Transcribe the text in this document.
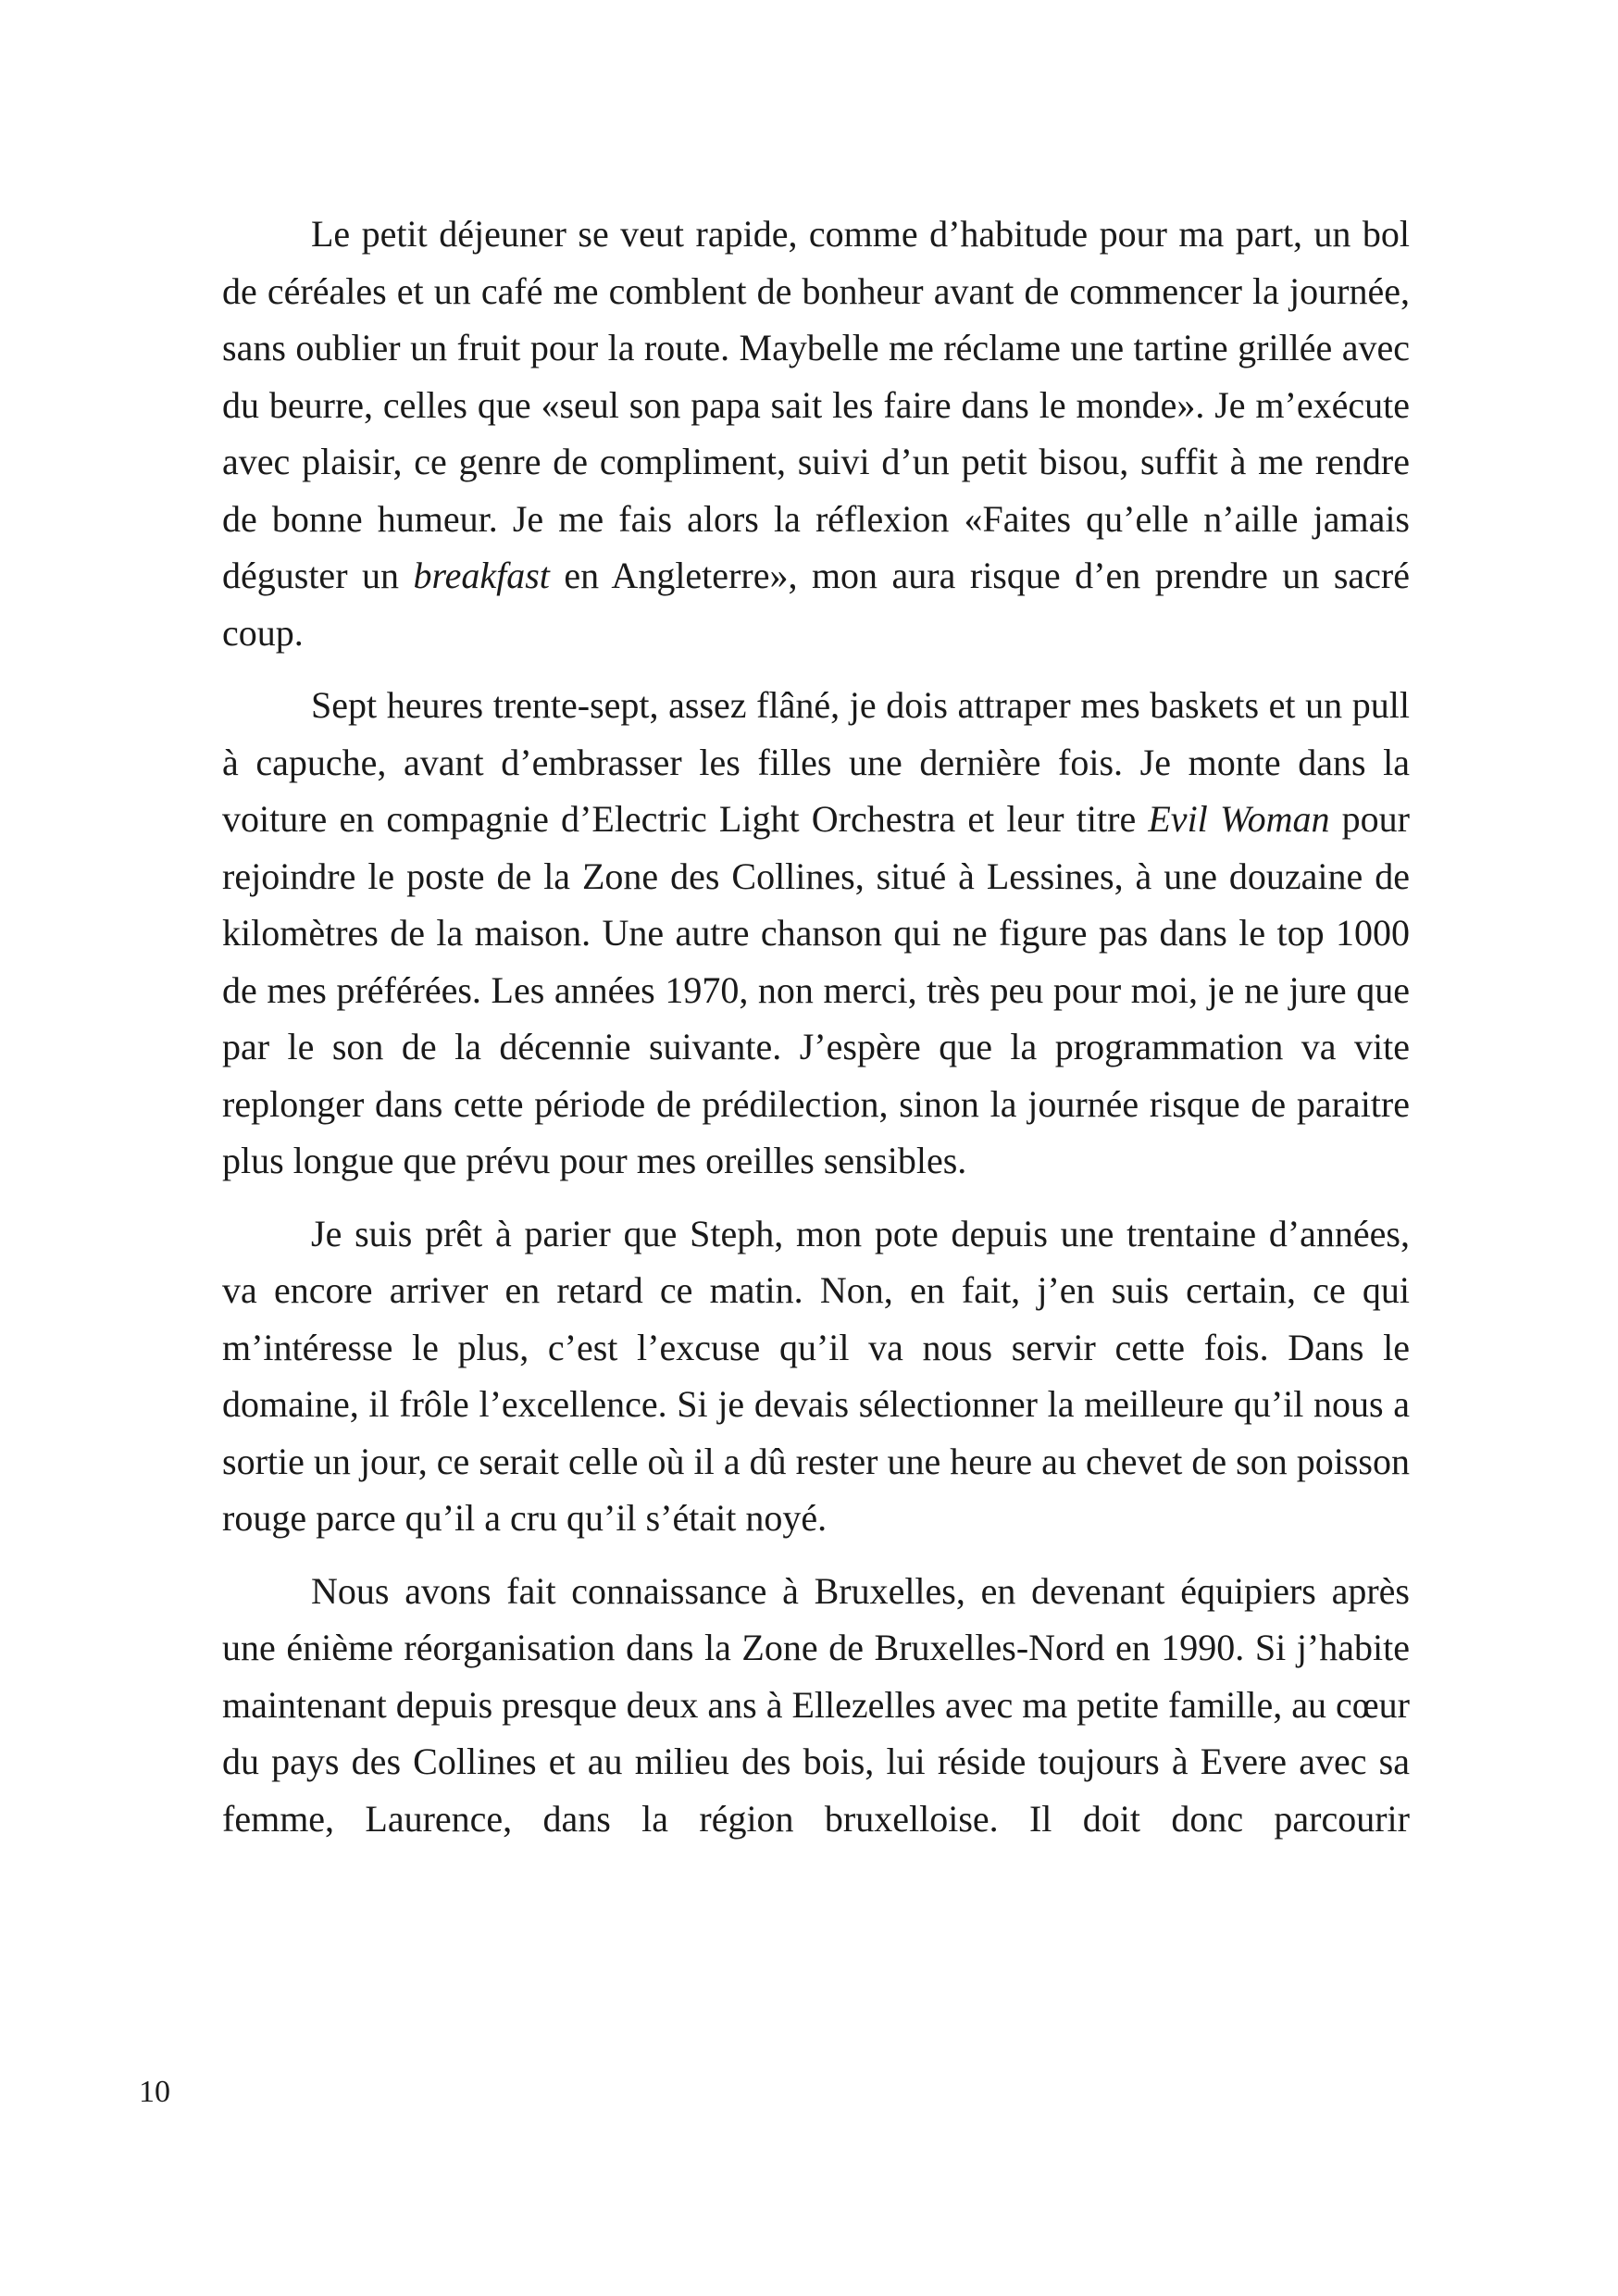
Le petit déjeuner se veut rapide, comme d’habitude pour ma part, un bol de céréales et un café me comblent de bonheur avant de commencer la journée, sans oublier un fruit pour la route. Maybelle me réclame une tartine grillée avec du beurre, celles que «seul son papa sait les faire dans le monde». Je m’exécute avec plaisir, ce genre de compliment, suivi d’un petit bisou, suffit à me rendre de bonne humeur. Je me fais alors la réflexion «Faites qu’elle n’aille jamais déguster un breakfast en Angleterre», mon aura risque d’en prendre un sacré coup.

Sept heures trente-sept, assez flâné, je dois attraper mes baskets et un pull à capuche, avant d’embrasser les filles une dernière fois. Je monte dans la voiture en compagnie d’Electric Light Orchestra et leur titre Evil Woman pour rejoindre le poste de la Zone des Collines, situé à Lessines, à une douzaine de kilomètres de la maison. Une autre chanson qui ne figure pas dans le top 1000 de mes préférées. Les années 1970, non merci, très peu pour moi, je ne jure que par le son de la décennie suivante. J’espère que la programmation va vite replonger dans cette période de prédilection, sinon la journée risque de paraitre plus longue que prévu pour mes oreilles sensibles.

Je suis prêt à parier que Steph, mon pote depuis une trentaine d’années, va encore arriver en retard ce matin. Non, en fait, j’en suis certain, ce qui m’intéresse le plus, c’est l’excuse qu’il va nous servir cette fois. Dans le domaine, il frôle l’excellence. Si je devais sélectionner la meilleure qu’il nous a sortie un jour, ce serait celle où il a dû rester une heure au chevet de son poisson rouge parce qu’il a cru qu’il s’était noyé.

Nous avons fait connaissance à Bruxelles, en devenant équipiers après une énième réorganisation dans la Zone de Bruxelles-Nord en 1990. Si j’habite maintenant depuis presque deux ans à Ellezelles avec ma petite famille, au cœur du pays des Collines et au milieu des bois, lui réside toujours à Evere avec sa femme, Laurence, dans la région bruxelloise. Il doit donc parcourir

10
